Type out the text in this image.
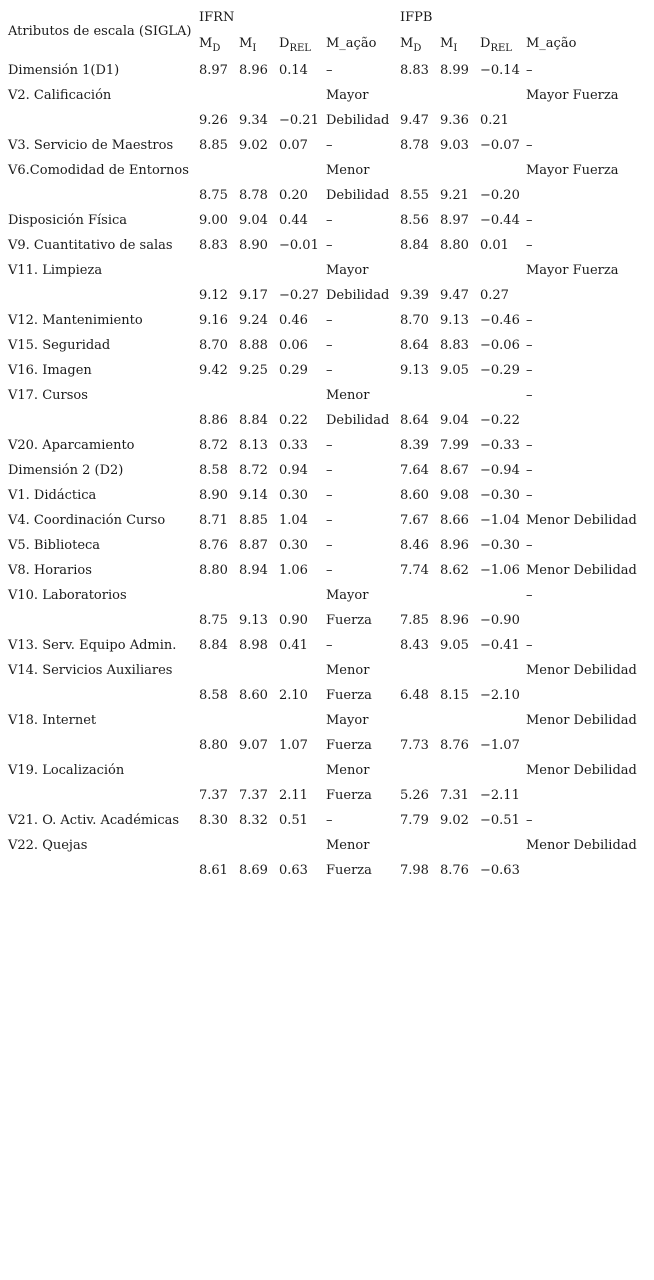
Atributos de escala (SIGLA)	IFRN				IFPB			
	$M_D$	$M_I$	$D_{REL}$	M_ação	$M_D$	$M_I$	$D_{REL}$	M_ação
Dimensión 1(D1)	8.97	8.96	0.14	–	8.83	8.99	−0.14	–
V2. Calificación				Mayor				Mayor Fuerza
	9.26	9.34	−0.21	Debilidad	9.47	9.36	0.21	
V3. Servicio de Maestros	8.85	9.02	0.07	–	8.78	9.03	−0.07	–
V6.Comodidad de Entornos				Menor				Mayor Fuerza
	8.75	8.78	0.20	Debilidad	8.55	9.21	−0.20	
Disposición Física	9.00	9.04	0.44	–	8.56	8.97	−0.44	–
V9. Cuantitativo de salas	8.83	8.90	−0.01	–	8.84	8.80	0.01	–
V11. Limpieza				Mayor				Mayor Fuerza
	9.12	9.17	−0.27	Debilidad	9.39	9.47	0.27	
V12. Mantenimiento	9.16	9.24	0.46	–	8.70	9.13	−0.46	–
V15. Seguridad	8.70	8.88	0.06	–	8.64	8.83	−0.06	–
V16. Imagen	9.42	9.25	0.29	–	9.13	9.05	−0.29	–
V17. Cursos				Menor				–
	8.86	8.84	0.22	Debilidad	8.64	9.04	−0.22	
V20. Aparcamiento	8.72	8.13	0.33	–	8.39	7.99	−0.33	–
Dimensión 2 (D2)	8.58	8.72	0.94	–	7.64	8.67	−0.94	–
V1. Didáctica	8.90	9.14	0.30	–	8.60	9.08	−0.30	–
V4. Coordinación Curso	8.71	8.85	1.04	–	7.67	8.66	−1.04	Menor Debilidad
V5. Biblioteca	8.76	8.87	0.30	–	8.46	8.96	−0.30	–
V8. Horarios	8.80	8.94	1.06	–	7.74	8.62	−1.06	Menor Debilidad
V10. Laboratorios				Mayor				–
	8.75	9.13	0.90	Fuerza	7.85	8.96	−0.90	
V13. Serv. Equipo Admin.	8.84	8.98	0.41	–	8.43	9.05	−0.41	–
V14. Servicios Auxiliares				Menor				Menor Debilidad
	8.58	8.60	2.10	Fuerza	6.48	8.15	−2.10	
V18. Internet				Mayor				Menor Debilidad
	8.80	9.07	1.07	Fuerza	7.73	8.76	−1.07	
V19. Localización				Menor				Menor Debilidad
	7.37	7.37	2.11	Fuerza	5.26	7.31	−2.11	
V21. O. Activ. Académicas	8.30	8.32	0.51	–	7.79	9.02	−0.51	–
V22. Quejas				Menor				Menor Debilidad
	8.61	8.69	0.63	Fuerza	7.98	8.76	−0.63	
